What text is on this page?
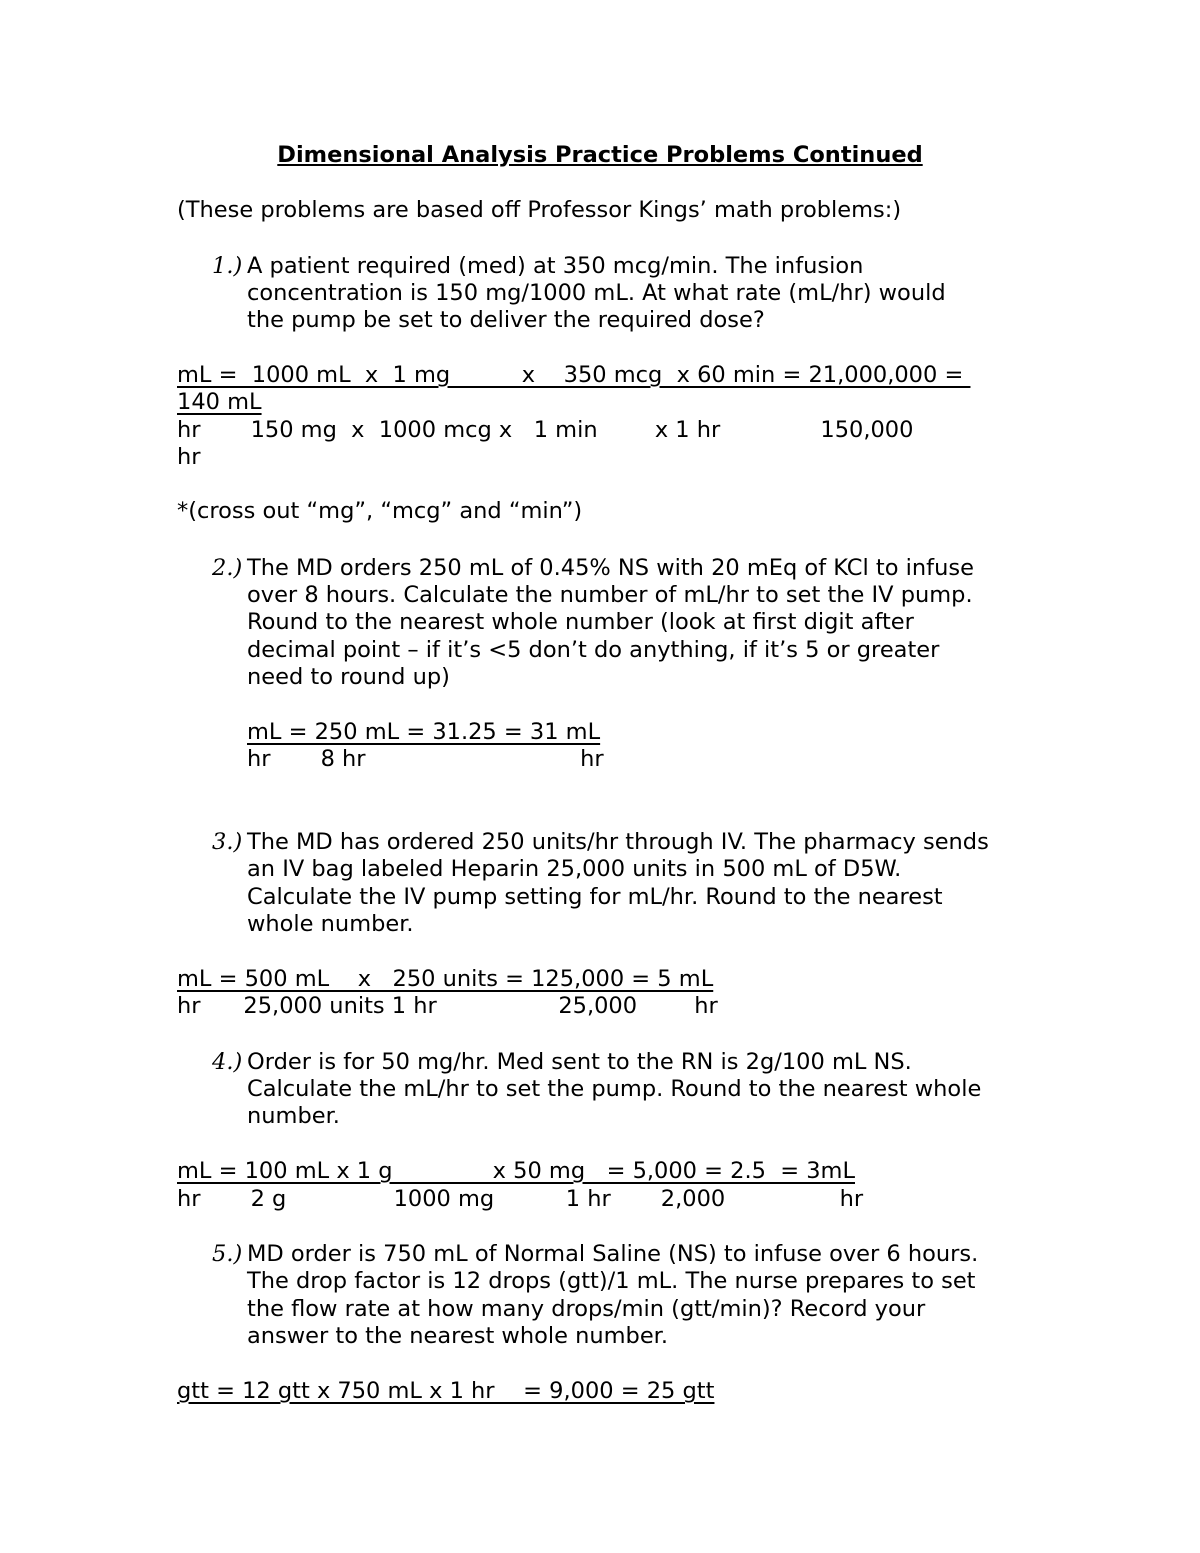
Dimensional Analysis Practice Problems Continued
(These problems are based off Professor Kings’ math problems:)
1.) A patient required (med) at 350 mcg/min. The infusion
concentration is 150 mg/1000 mL. At what rate (mL/hr) would
the pump be set to deliver the required dose?
mL =  1000 mL  x  1 mg          x    350 mcg  x 60 min = 21,000,000 =
140 mL
hr       150 mg  x  1000 mcg x   1 min        x 1 hr              150,000
hr
*(cross out “mg”, “mcg” and “min”)
2.) The MD orders 250 mL of 0.45% NS with 20 mEq of KCl to infuse
over 8 hours. Calculate the number of mL/hr to set the IV pump.
Round to the nearest whole number (look at first digit after
decimal point – if it’s <5 don’t do anything, if it’s 5 or greater
need to round up)
mL = 250 mL = 31.25 = 31 mL
hr       8 hr                              hr
3.) The MD has ordered 250 units/hr through IV. The pharmacy sends
an IV bag labeled Heparin 25,000 units in 500 mL of D5W.
Calculate the IV pump setting for mL/hr. Round to the nearest
whole number.
mL = 500 mL    x   250 units = 125,000 = 5 mL
hr      25,000 units 1 hr                 25,000        hr
4.) Order is for 50 mg/hr. Med sent to the RN is 2g/100 mL NS.
Calculate the mL/hr to set the pump. Round to the nearest whole
number.
mL = 100 mL x 1 g              x 50 mg   = 5,000 = 2.5  = 3mL
hr       2 g               1000 mg          1 hr       2,000                hr
5.) MD order is 750 mL of Normal Saline (NS) to infuse over 6 hours.
The drop factor is 12 drops (gtt)/1 mL. The nurse prepares to set
the flow rate at how many drops/min (gtt/min)? Record your
answer to the nearest whole number.
gtt = 12 gtt x 750 mL x 1 hr    = 9,000 = 25 gtt
